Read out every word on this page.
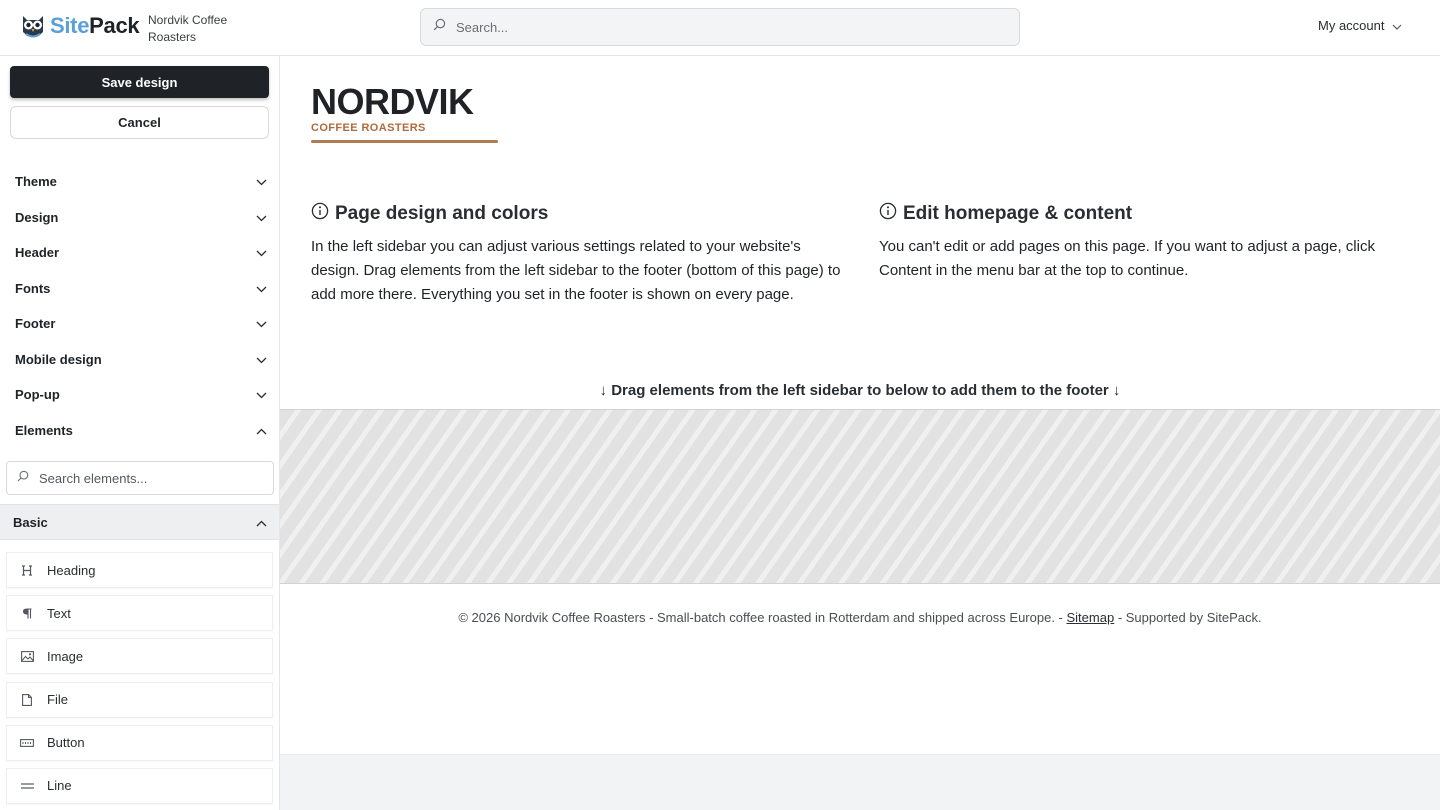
SitePack Nordvik Coffee Roasters
Search...
My account
Save design
Cancel
Theme
Design
Header
Fonts
Footer
Mobile design
Pop-up
Elements
Search elements...
Basic
Heading
Text
Image
File
Button
Line
NORDVIK
COFFEE ROASTERS
Page design and colors

In the left sidebar you can adjust various settings related to your website's design. Drag elements from the left sidebar to the footer (bottom of this page) to add more there. Everything you set in the footer is shown on every page.

Edit homepage & content

You can't edit or add pages on this page. If you want to adjust a page, click Content in the menu bar at the top to continue.

↓ Drag elements from the left sidebar to below to add them to the footer ↓
© 2026 Nordvik Coffee Roasters - Small-batch coffee roasted in Rotterdam and shipped across Europe. - Sitemap - Supported by SitePack.
